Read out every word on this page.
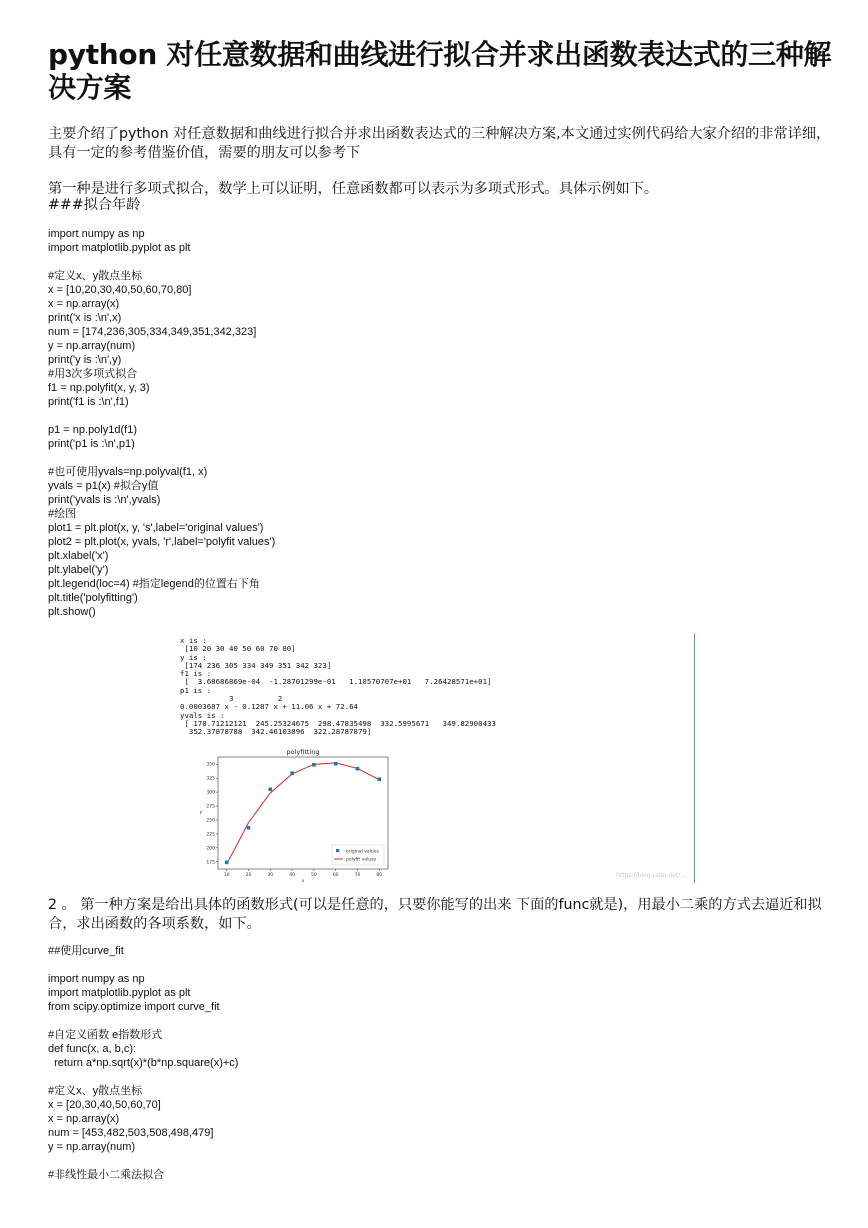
python 对任意数据和曲线进行拟合并求出函数表达式的三种解决方案
主要介绍了python 对任意数据和曲线进行拟合并求出函数表达式的三种解决方案,本文通过实例代码给大家介绍的非常详细，具有一定的参考借鉴价值，需要的朋友可以参考下
第一种是进行多项式拟合，数学上可以证明，任意函数都可以表示为多项式形式。具体示例如下。
###拟合年龄
import numpy as np
import matplotlib.pyplot as plt
#定义x、y散点坐标
x = [10,20,30,40,50,60,70,80]
x = np.array(x)
print('x is :\n',x)
num = [174,236,305,334,349,351,342,323]
y = np.array(num)
print('y is :\n',y)
#用3次多项式拟合
f1 = np.polyfit(x, y, 3)
print('f1 is :\n',f1)
p1 = np.poly1d(f1)
print('p1 is :\n',p1)
#也可使用yvals=np.polyval(f1, x)
yvals = p1(x) #拟合y值
print('yvals is :\n',yvals)
#绘图
plot1 = plt.plot(x, y, 's',label='original values')
plot2 = plt.plot(x, yvals, 'r',label='polyfit values')
plt.xlabel('x')
plt.ylabel('y')
plt.legend(loc=4) #指定legend的位置右下角
plt.title('polyfitting')
plt.show()
x is :
[10 20 30 40 50 60 70 80]
y is :
[174 236 305 334 349 351 342 323]
f1 is :
[  3.68686869e-04  -1.28701299e-01   1.10570707e+01   7.26428571e+01]
p1 is :
3          2
0.0003687 x - 0.1287 x + 11.06 x + 72.64
yvals is :
[ 170.71212121  245.25324675  298.47835498  332.5995671   349.82900433
352.37878788  342.46103896  322.28787879]
polyfitting
10	20	30	40	50	60	70	80
175
200
225
250
275
300
325
350
x
y
original values
polyfit values
https://blog.csdn.net/...
2 。 第一种方案是给出具体的函数形式(可以是任意的，只要你能写的出来 下面的func就是)，用最小二乘的方式去逼近和拟合，求出函数的各项系数，如下。
##使用curve_fit
import numpy as np
import matplotlib.pyplot as plt
from scipy.optimize import curve_fit
#自定义函数 e指数形式
def func(x, a, b,c):
return a*np.sqrt(x)*(b*np.square(x)+c)
#定义x、y散点坐标
x = [20,30,40,50,60,70]
x = np.array(x)
num = [453,482,503,508,498,479]
y = np.array(num)
#非线性最小二乘法拟合
